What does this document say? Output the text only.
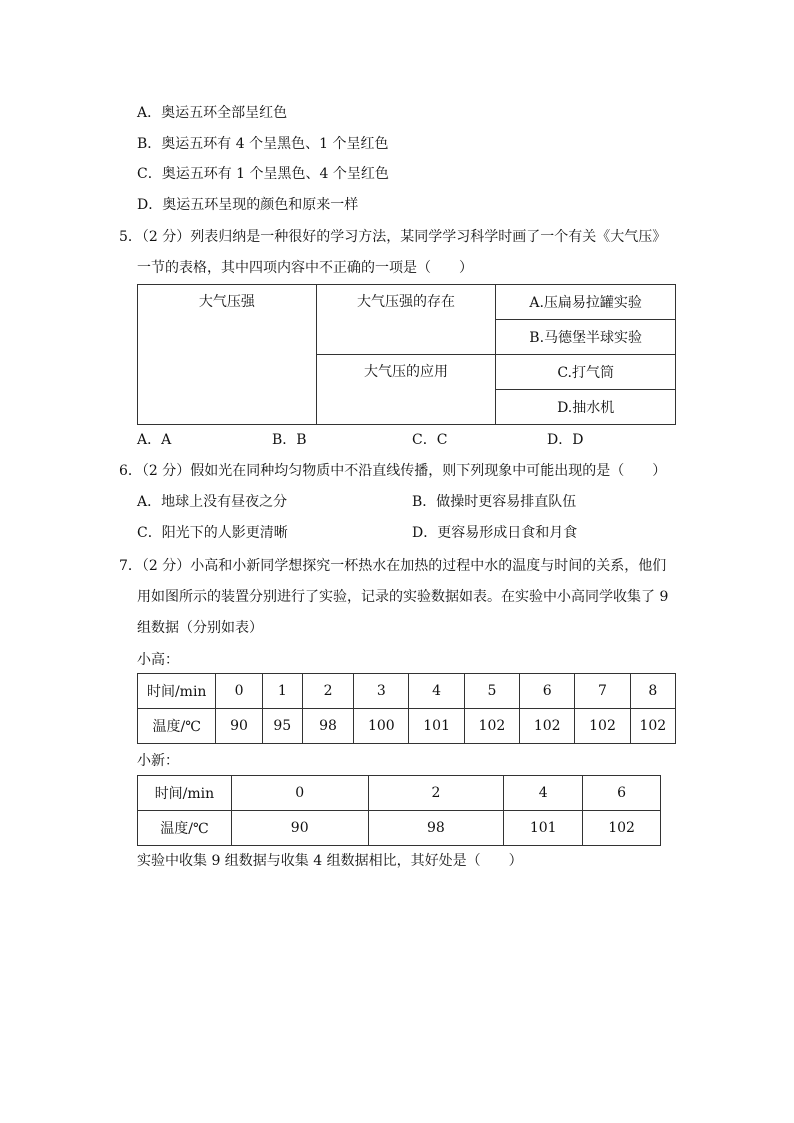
A．奥运五环全部呈红色
B．奥运五环有 4 个呈黑色、1 个呈红色
C．奥运五环有 1 个呈黑色、4 个呈红色
D．奥运五环呈现的颜色和原来一样
5．（2 分）列表归纳是一种很好的学习方法，某同学学习科学时画了一个有关《大气压》
一节的表格，其中四项内容中不正确的一项是（　　）
大气压强	大气压强的存在	A.压扁易拉罐实验
		B.马德堡半球实验
	大气压的应用	C.打气筒
		D.抽水机
A．A	B．B	C．C	D．D
6．（2 分）假如光在同种均匀物质中不沿直线传播，则下列现象中可能出现的是（　　）
A．地球上没有昼夜之分	B．做操时更容易排直队伍
C．阳光下的人影更清晰	D．更容易形成日食和月食
7．（2 分）小高和小新同学想探究一杯热水在加热的过程中水的温度与时间的关系，他们
用如图所示的装置分别进行了实验，记录的实验数据如表。在实验中小高同学收集了 9
组数据（分别如表）
小高：
时间/min	0	1	2	3	4	5	6	7	8
温度/℃	90	95	98	100	101	102	102	102	102
小新：
时间/min	0	2	4	6
温度/℃	90	98	101	102
实验中收集 9 组数据与收集 4 组数据相比，其好处是（　　）
